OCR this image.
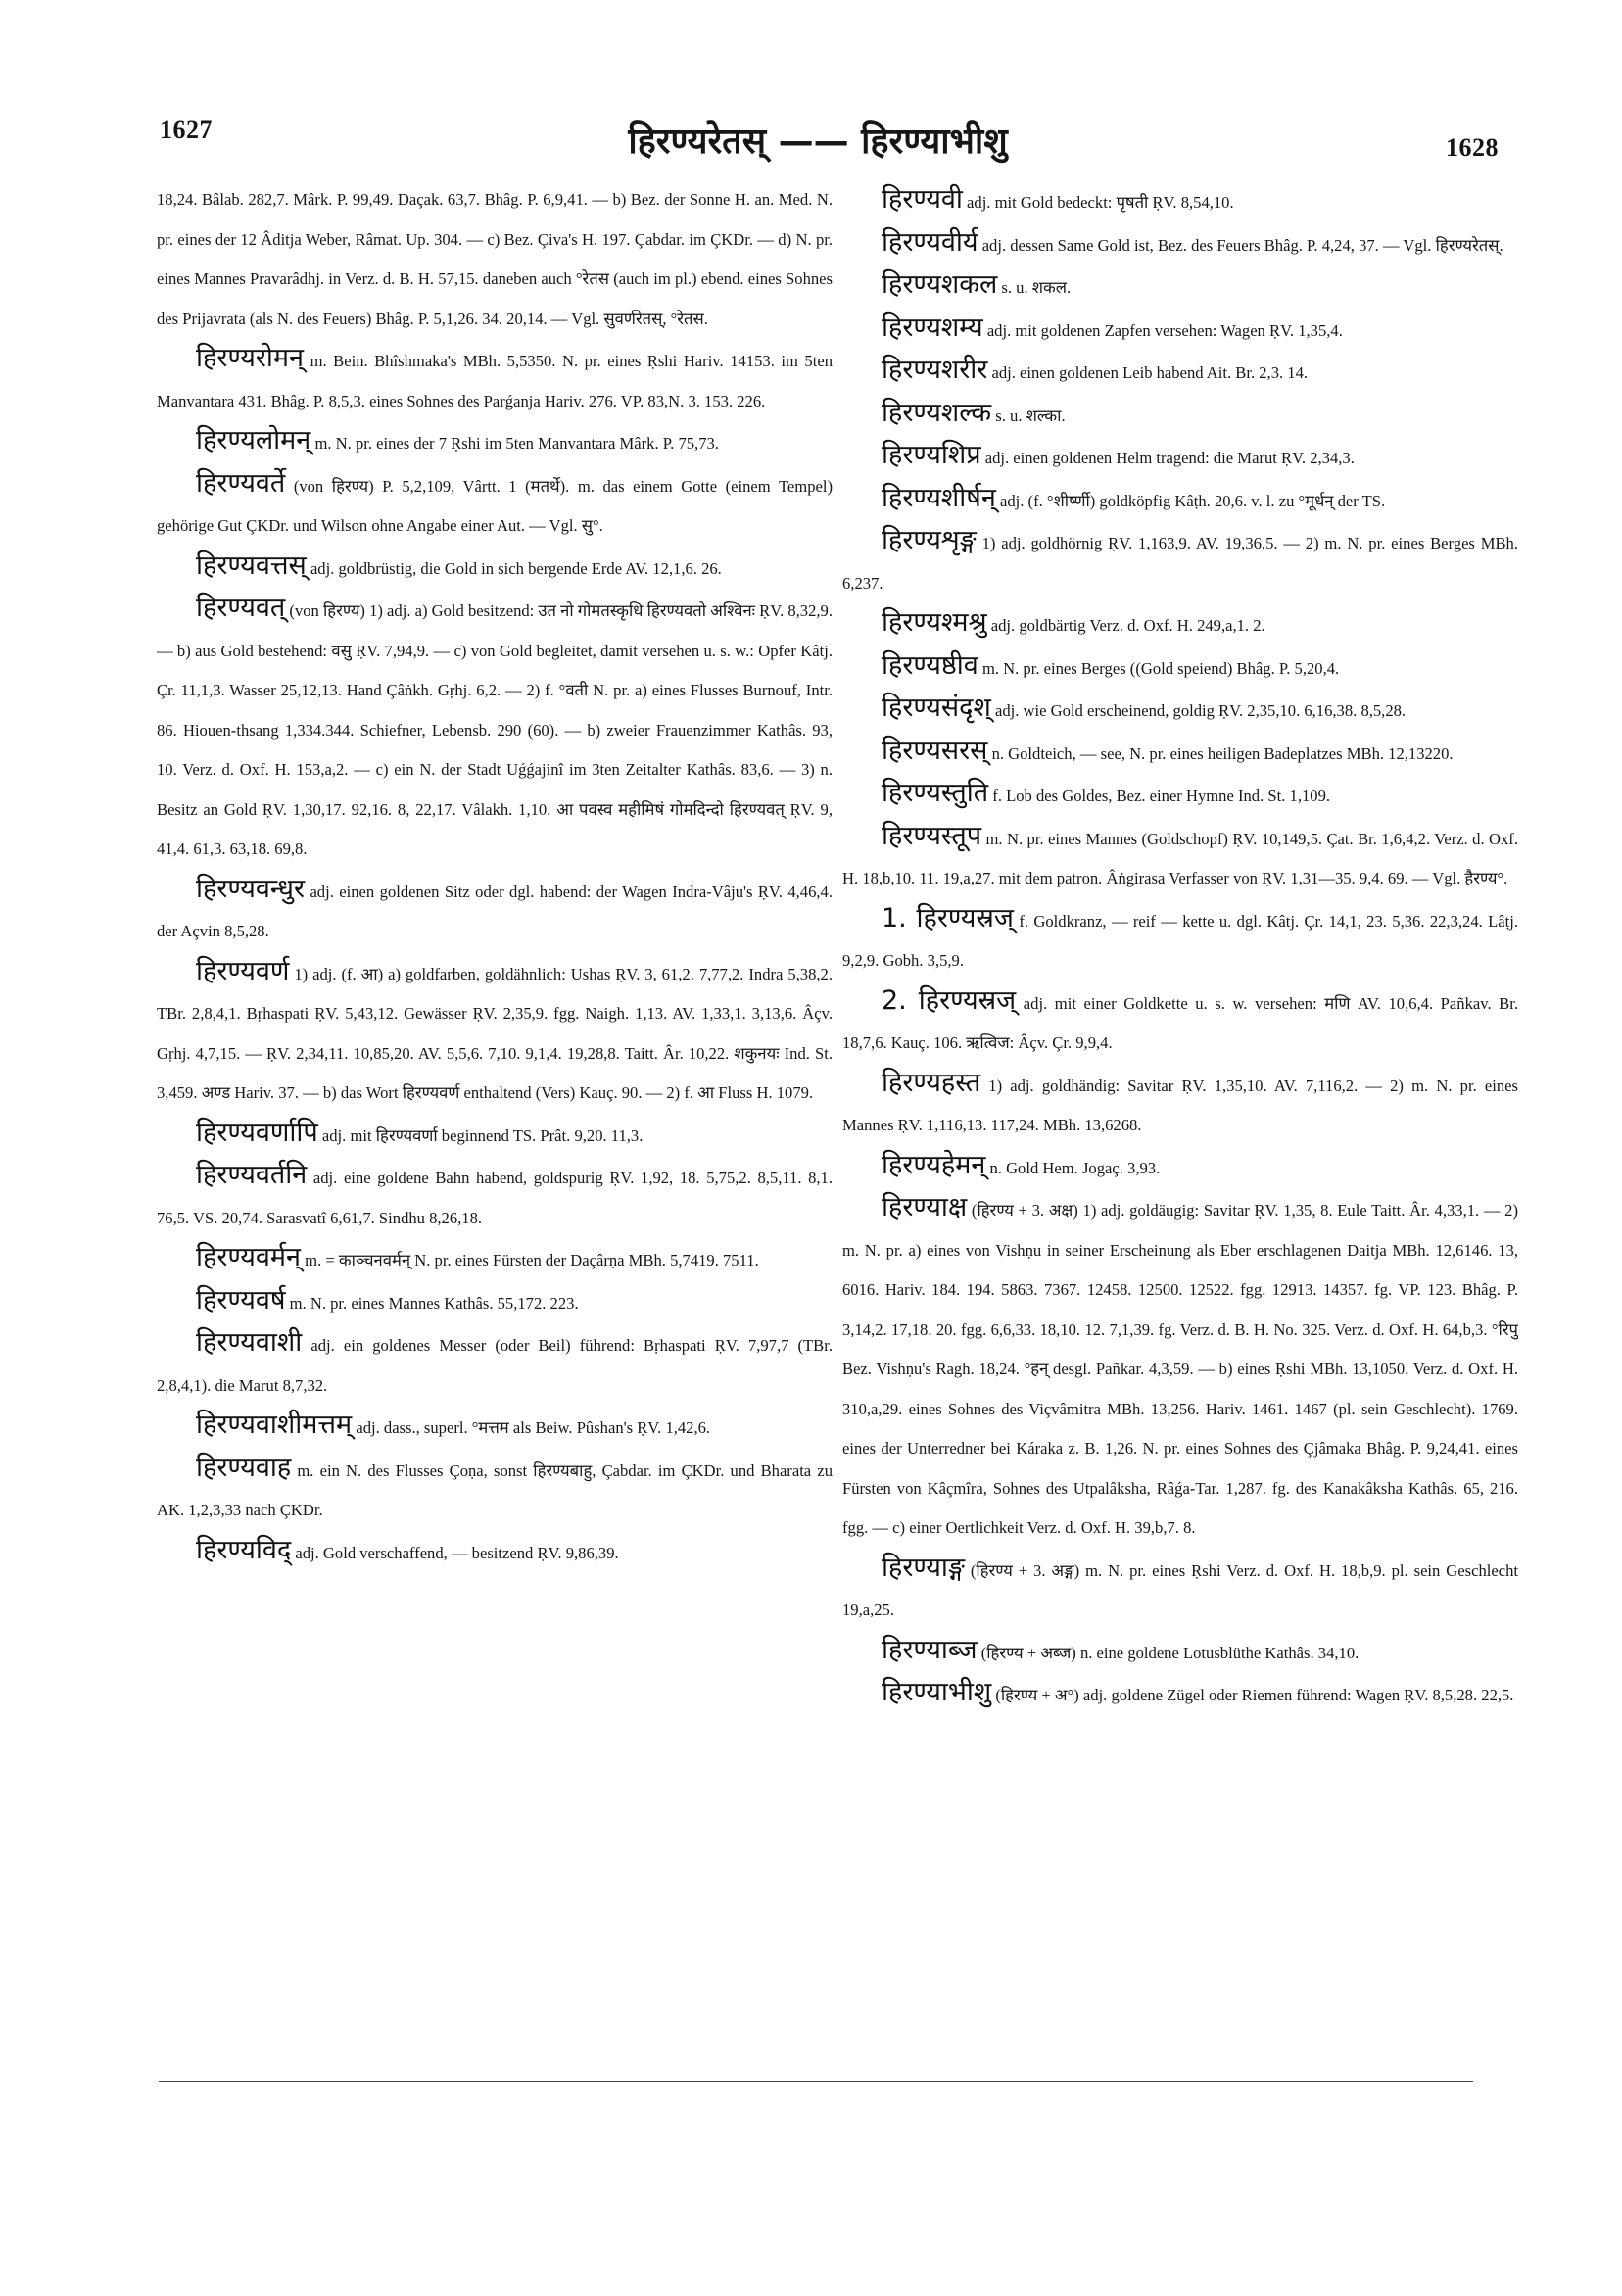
1627	हिरण्यरेतस् —— हिरण्याभीशु	1628

18,24. Bâlab. 282,7. Mârk. P. 99,49. Daçak. 63,7. Bhâg. P. 6,9,41. — b) Bez. der Sonne H. an. Med. N. pr. eines der 12 Âditja Weber, Râmat. Up. 304. — c) Bez. Çiva's H. 197. Çabdar. im ÇKDr. — d) N. pr. eines Mannes Pravarâdhj. in Verz. d. B. H. 57,15. daneben auch °रेतस (auch im pl.) ebend. eines Sohnes des Prijavrata (als N. des Feuers) Bhâg. P. 5,1,26. 34. 20,14. — Vgl. सुवर्णरेतस्, °रेतस.

हिरण्यरोमन् m. Bein. Bhîshmaka's MBh. 5,5350. N. pr. eines Ṛshi Hariv. 14153. im 5ten Manvantara 431. Bhâg. P. 8,5,3. eines Sohnes des Parǵanja Hariv. 276. VP. 83,N. 3. 153. 226.

हिरण्यलोमन् m. N. pr. eines der 7 Ṛshi im 5ten Manvantara Mârk. P. 75,73.

हिरण्यवर्ते (von हिरण्य) P. 5,2,109, Vârtt. 1 (मतर्थे). m. das einem Gotte (einem Tempel) gehörige Gut ÇKDr. und Wilson ohne Angabe einer Aut. — Vgl. सु°.

हिरण्यवत्तस् adj. goldbrüstig, die Gold in sich bergende Erde AV. 12,1,6. 26.

हिरण्यवत् (von हिरण्य) 1) adj. a) Gold besitzend: उत नो गोमतस्कृधि हिरण्यवतो अश्विनः ṚV. 8,32,9. — b) aus Gold bestehend: वसु ṚV. 7,94,9. — c) von Gold begleitet, damit versehen u. s. w.: Opfer Kâtj. Çr. 11,1,3. Wasser 25,12,13. Hand Çâṅkh. Gṛhj. 6,2. — 2) f. °वती N. pr. a) eines Flusses Burnouf, Intr. 86. Hiouen-thsang 1,334.344. Schiefner, Lebensb. 290 (60). — b) zweier Frauenzimmer Kathâs. 93, 10. Verz. d. Oxf. H. 153,a,2. — c) ein N. der Stadt Uǵǵajinî im 3ten Zeitalter Kathâs. 83,6. — 3) n. Besitz an Gold ṚV. 1,30,17. 92,16. 8, 22,17. Vâlakh. 1,10. आ पवस्व महीमिषं गोमदिन्दो हिरण्यवत् ṚV. 9, 41,4. 61,3. 63,18. 69,8.

हिरण्यवन्धुर adj. einen goldenen Sitz oder dgl. habend: der Wagen Indra-Vâju's ṚV. 4,46,4. der Açvin 8,5,28.

हिरण्यवर्ण 1) adj. (f. आ) a) goldfarben, goldähnlich: Ushas ṚV. 3, 61,2. 7,77,2. Indra 5,38,2. TBr. 2,8,4,1. Bṛhaspati ṚV. 5,43,12. Gewässer ṚV. 2,35,9. fgg. Naigh. 1,13. AV. 1,33,1. 3,13,6. Âçv. Gṛhj. 4,7,15. — ṚV. 2,34,11. 10,85,20. AV. 5,5,6. 7,10. 9,1,4. 19,28,8. Taitt. Âr. 10,22. शकुनयः Ind. St. 3,459. अण्ड Hariv. 37. — b) das Wort हिरण्यवर्ण enthaltend (Vers) Kauç. 90. — 2) f. आ Fluss H. 1079.

हिरण्यवर्णापि adj. mit हिरण्यवर्णा beginnend TS. Prât. 9,20. 11,3.

हिरण्यवर्तनि adj. eine goldene Bahn habend, goldspurig ṚV. 1,92, 18. 5,75,2. 8,5,11. 8,1. 76,5. VS. 20,74. Sarasvatî 6,61,7. Sindhu 8,26,18.

हिरण्यवर्मन् m. = काञ्चनवर्मन् N. pr. eines Fürsten der Daçârṇa MBh. 5,7419. 7511.

हिरण्यवर्ष m. N. pr. eines Mannes Kathâs. 55,172. 223.

हिरण्यवाशी adj. ein goldenes Messer (oder Beil) führend: Bṛhaspati ṚV. 7,97,7 (TBr. 2,8,4,1). die Marut 8,7,32.

हिरण्यवाशीमत्तम् adj. dass., superl. °मत्तम als Beiw. Pûshan's ṚV. 1,42,6.

हिरण्यवाह m. ein N. des Flusses Çoṇa, sonst हिरण्यबाहु, Çabdar. im ÇKDr. und Bharata zu AK. 1,2,3,33 nach ÇKDr.

हिरण्यविद् adj. Gold verschaffend, — besitzend ṚV. 9,86,39.

हिरण्यवी adj. mit Gold bedeckt: पृषती ṚV. 8,54,10.

हिरण्यवीर्य adj. dessen Same Gold ist, Bez. des Feuers Bhâg. P. 4,24, 37. — Vgl. हिरण्यरेतस्.

हिरण्यशकल s. u. शकल.

हिरण्यशम्य adj. mit goldenen Zapfen versehen: Wagen ṚV. 1,35,4.

हिरण्यशरीर adj. einen goldenen Leib habend Ait. Br. 2,3. 14.

हिरण्यशल्क s. u. शल्का.

हिरण्यशिप्र adj. einen goldenen Helm tragend: die Marut ṚV. 2,34,3.

हिरण्यशीर्षन् adj. (f. °शीर्ष्णी) goldköpfig Kâṭh. 20,6. v. l. zu °मूर्धन् der TS.

हिरण्यशृङ्ग 1) adj. goldhörnig ṚV. 1,163,9. AV. 19,36,5. — 2) m. N. pr. eines Berges MBh. 6,237.

हिरण्यश्मश्रु adj. goldbärtig Verz. d. Oxf. H. 249,a,1. 2.

हिरण्यष्ठीव m. N. pr. eines Berges ((Gold speiend) Bhâg. P. 5,20,4.

हिरण्यसंदृश् adj. wie Gold erscheinend, goldig ṚV. 2,35,10. 6,16,38. 8,5,28.

हिरण्यसरस् n. Goldteich, — see, N. pr. eines heiligen Badeplatzes MBh. 12,13220.

हिरण्यस्तुति f. Lob des Goldes, Bez. einer Hymne Ind. St. 1,109.

हिरण्यस्तूप m. N. pr. eines Mannes (Goldschopf) ṚV. 10,149,5. Çat. Br. 1,6,4,2. Verz. d. Oxf. H. 18,b,10. 11. 19,a,27. mit dem patron. Âṅgirasa Verfasser von ṚV. 1,31—35. 9,4. 69. — Vgl. हैरण्य°.

1. हिरण्यस्रज् f. Goldkranz, — reif — kette u. dgl. Kâtj. Çr. 14,1, 23. 5,36. 22,3,24. Lâṭj. 9,2,9. Gobh. 3,5,9.

2. हिरण्यस्रज् adj. mit einer Goldkette u. s. w. versehen: मणि AV. 10,6,4. Pañkav. Br. 18,7,6. Kauç. 106. ऋत्विज: Âçv. Çr. 9,9,4.

हिरण्यहस्त 1) adj. goldhändig: Savitar ṚV. 1,35,10. AV. 7,116,2. — 2) m. N. pr. eines Mannes ṚV. 1,116,13. 117,24. MBh. 13,6268.

हिरण्यहेमन् n. Gold Hem. Jogaç. 3,93.

हिरण्याक्ष (हिरण्य + 3. अक्ष) 1) adj. goldäugig: Savitar ṚV. 1,35, 8. Eule Taitt. Âr. 4,33,1. — 2) m. N. pr. a) eines von Vishṇu in seiner Erscheinung als Eber erschlagenen Daitja MBh. 12,6146. 13, 6016. Hariv. 184. 194. 5863. 7367. 12458. 12500. 12522. fgg. 12913. 14357. fg. VP. 123. Bhâg. P. 3,14,2. 17,18. 20. fgg. 6,6,33. 18,10. 12. 7,1,39. fg. Verz. d. B. H. No. 325. Verz. d. Oxf. H. 64,b,3. °रिपु Bez. Vishṇu's Ragh. 18,24. °हन् desgl. Pañkar. 4,3,59. — b) eines Ṛshi MBh. 13,1050. Verz. d. Oxf. H. 310,a,29. eines Sohnes des Viçvâmitra MBh. 13,256. Hariv. 1461. 1467 (pl. sein Geschlecht). 1769. eines der Unterredner bei Káraka z. B. 1,26. N. pr. eines Sohnes des Çjâmaka Bhâg. P. 9,24,41. eines Fürsten von Kâçmîra, Sohnes des Utpalâksha, Râǵa-Tar. 1,287. fg. des Kanakâksha Kathâs. 65, 216. fgg. — c) einer Oertlichkeit Verz. d. Oxf. H. 39,b,7. 8.

हिरण्याङ्ग (हिरण्य + 3. अङ्ग) m. N. pr. eines Ṛshi Verz. d. Oxf. H. 18,b,9. pl. sein Geschlecht 19,a,25.

हिरण्याब्ज (हिरण्य + अब्ज) n. eine goldene Lotusblüthe Kathâs. 34,10.

हिरण्याभीशु (हिरण्य + अ°) adj. goldene Zügel oder Riemen führend: Wagen ṚV. 8,5,28. 22,5.
